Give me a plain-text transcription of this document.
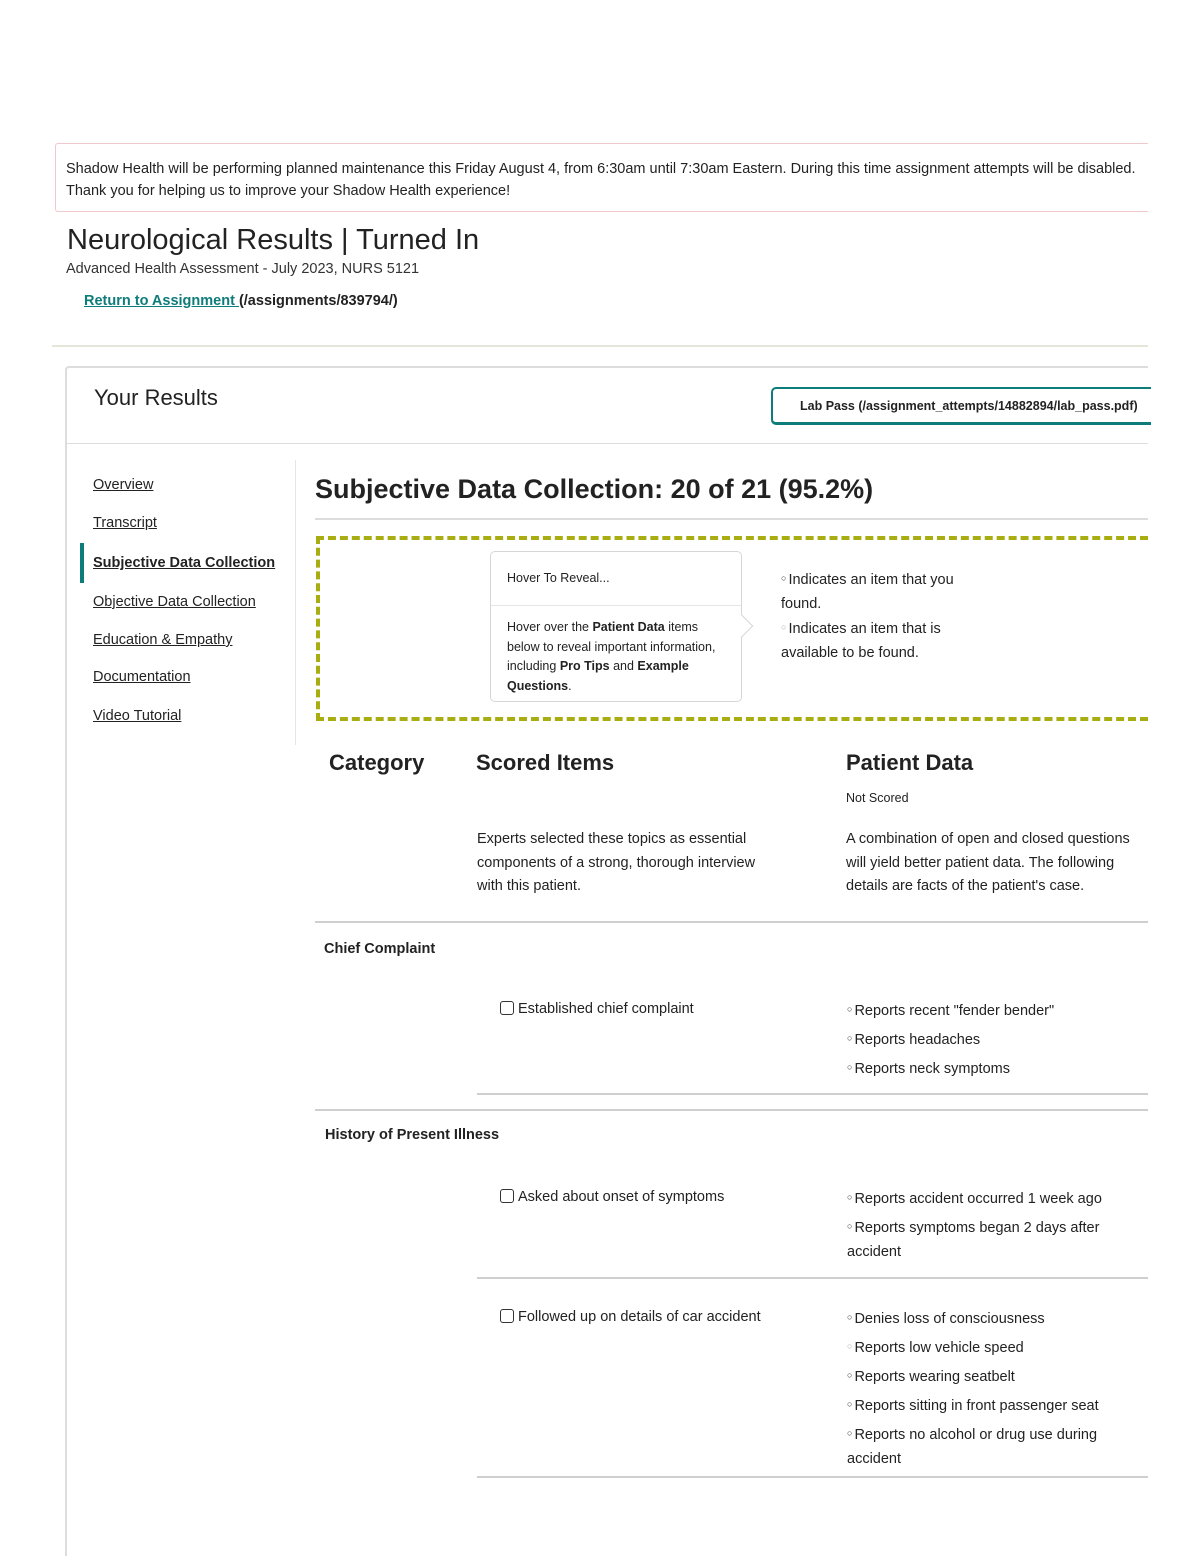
Shadow Health will be performing planned maintenance this Friday August 4, from 6:30am until 7:30am Eastern. During this time assignment attempts will be disabled. Thank you for helping us to improve your Shadow Health experience!
Neurological Results | Turned In
Advanced Health Assessment - July 2023, NURS 5121
Return to Assignment (/assignments/839794/)
Your Results	Lab Pass (/assignment_attempts/14882894/lab_pass.pdf)
Overview
Transcript
Subjective Data Collection
Objective Data Collection
Education & Empathy
Documentation
Video Tutorial
Subjective Data Collection: 20 of 21 (95.2%)
Hover To Reveal...
Hover over the Patient Data items below to reveal important information, including Pro Tips and Example Questions.
○ Indicates an item that you found.
○ Indicates an item that is available to be found.
Category Scored Items	Patient Data
Not Scored
Experts selected these topics as essential
components of a strong, thorough interview
with this patient.
A combination of open and closed questions
will yield better patient data. The following
details are facts of the patient's case.
Chief Complaint
Established chief complaint	○ Reports recent "fender bender"
○ Reports headaches
○ Reports neck symptoms
History of Present Illness
Asked about onset of symptoms	○ Reports accident occurred 1 week ago
○ Reports symptoms began 2 days after accident
Followed up on details of car accident	○ Denies loss of consciousness
○ Reports low vehicle speed
○ Reports wearing seatbelt
○ Reports sitting in front passenger seat
○ Reports no alcohol or drug use during accident
